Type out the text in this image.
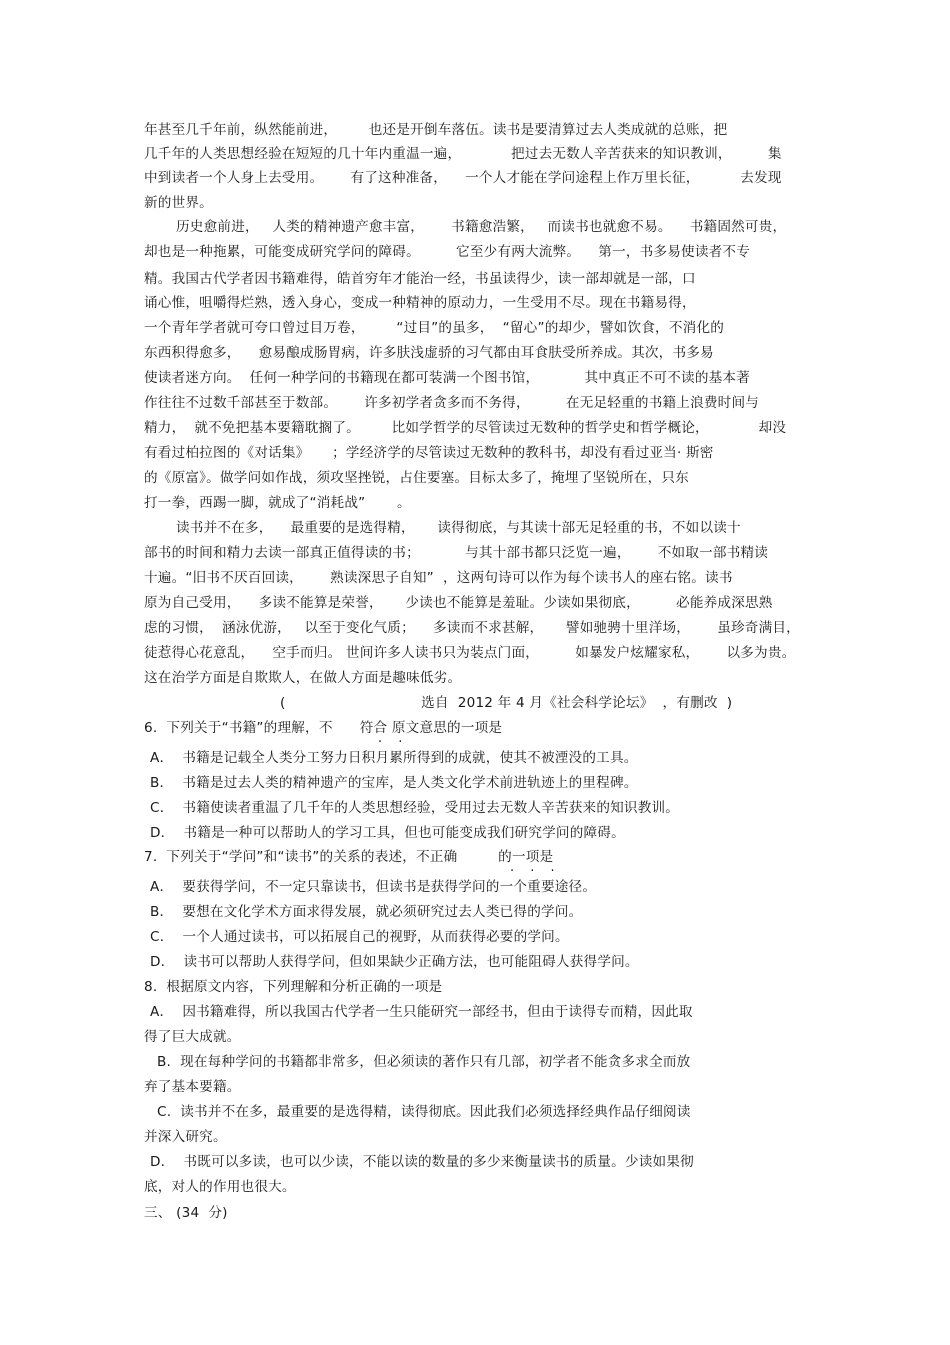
年甚至几千年前，纵然能前进，       也还是开倒车落伍。读书是要清算过去人类成就的总账，把
几千年的人类思想经验在短短的几十年内重温一遍，           把过去无数人辛苦获来的知识教训，        集
中到读者一个人身上去受用。      有了这种准备，    一个人才能在学问途程上作万里长征，         去发现
新的世界。
历史愈前进，   人类的精神遗产愈丰富，      书籍愈浩繁，   而读书也就愈不易。    书籍固然可贵，
却也是一种拖累，可能变成研究学问的障碍。        它至少有两大流弊。    第一，书多易使读者不专
精。我国古代学者因书籍难得，皓首穷年才能治一经，书虽读得少，读一部却就是一部，口
诵心惟，咀嚼得烂熟，透入身心，变成一种精神的原动力，一生受用不尽。现在书籍易得，
一个青年学者就可夸口曾过目万卷，       “过目”的虽多，  “留心”的却少，譬如饮食，不消化的
东西积得愈多，    愈易酿成肠胃病，许多肤浅虚骄的习气都由耳食肤受所养成。其次，书多易
使读者迷方向。  任何一种学问的书籍现在都可装满一个图书馆，          其中真正不可不读的基本著
作往往不过数千部甚至于数部。      许多初学者贪多而不务得，        在无足轻重的书籍上浪费时间与
精力，  就不免把基本要籍耽搁了。       比如学哲学的尽管读过无数种的哲学史和哲学概论，           却没
有看过柏拉图的《对话集》     ；学经济学的尽管读过无数种的教科书，却没有看过亚当· 斯密
的《原富》。做学问如作战，须攻坚挫锐，占住要塞。目标太多了，掩埋了坚锐所在，只东
打一拳，西踢一脚，就成了“消耗战”       。
读书并不在多，    最重要的是选得精，     读得彻底，与其读十部无足轻重的书，不如以读十
部书的时间和精力去读一部真正值得读的书；          与其十部书都只泛览一遍，      不如取一部书精读
十遍。“旧书不厌百回读，      熟读深思子自知”  ，这两句诗可以作为每个读书人的座右铭。读书
原为自己受用，    多读不能算是荣誉，     少读也不能算是羞耻。少读如果彻底，        必能养成深思熟
虑的习惯，  涵泳优游，   以至于变化气质；    多读而不求甚解，     譬如驰骋十里洋场，      虽珍奇满目，
徒惹得心花意乱，    空手而归。 世间许多人读书只为装点门面，        如暴发户炫耀家私，      以多为贵。
这在治学方面是自欺欺人，在做人方面是趣味低劣。
(                              选自  2012 年 4 月《社会科学论坛》  ，有删改  )
6.  下列关于“书籍”的理解，不      符合 原文意思的一项是
· ·
A．  书籍是记载全人类分工努力日积月累所得到的成就，使其不被湮没的工具。
B．  书籍是过去人类的精神遗产的宝库，是人类文化学术前进轨迹上的里程碑。
C．  书籍使读者重温了几千年的人类思想经验，受用过去无数人辛苦获来的知识教训。
D．  书籍是一种可以帮助人的学习工具，但也可能变成我们研究学问的障碍。
7.  下列关于“学问”和“读书”的关系的表述，不正确         的一项是
· · ·
A．  要获得学问，不一定只靠读书，但读书是获得学问的一个重要途径。
B．  要想在文化学术方面求得发展，就必须研究过去人类已得的学问。
C．  一个人通过读书，可以拓展自己的视野，从而获得必要的学问。
D．  读书可以帮助人获得学问，但如果缺少正确方法，也可能阻碍人获得学问。
8.  根据原文内容，下列理解和分析正确的一项是
A．  因书籍难得，所以我国古代学者一生只能研究一部经书，但由于读得专而精，因此取
得了巨大成就。
B.  现在每种学问的书籍都非常多，但必须读的著作只有几部，初学者不能贪多求全而放
弃了基本要籍。
C.  读书并不在多，最重要的是选得精，读得彻底。因此我们必须选择经典作品仔细阅读
并深入研究。
D．  书既可以多读，也可以少读，不能以读的数量的多少来衡量读书的质量。少读如果彻
底，对人的作用也很大。
三、 (34  分)
